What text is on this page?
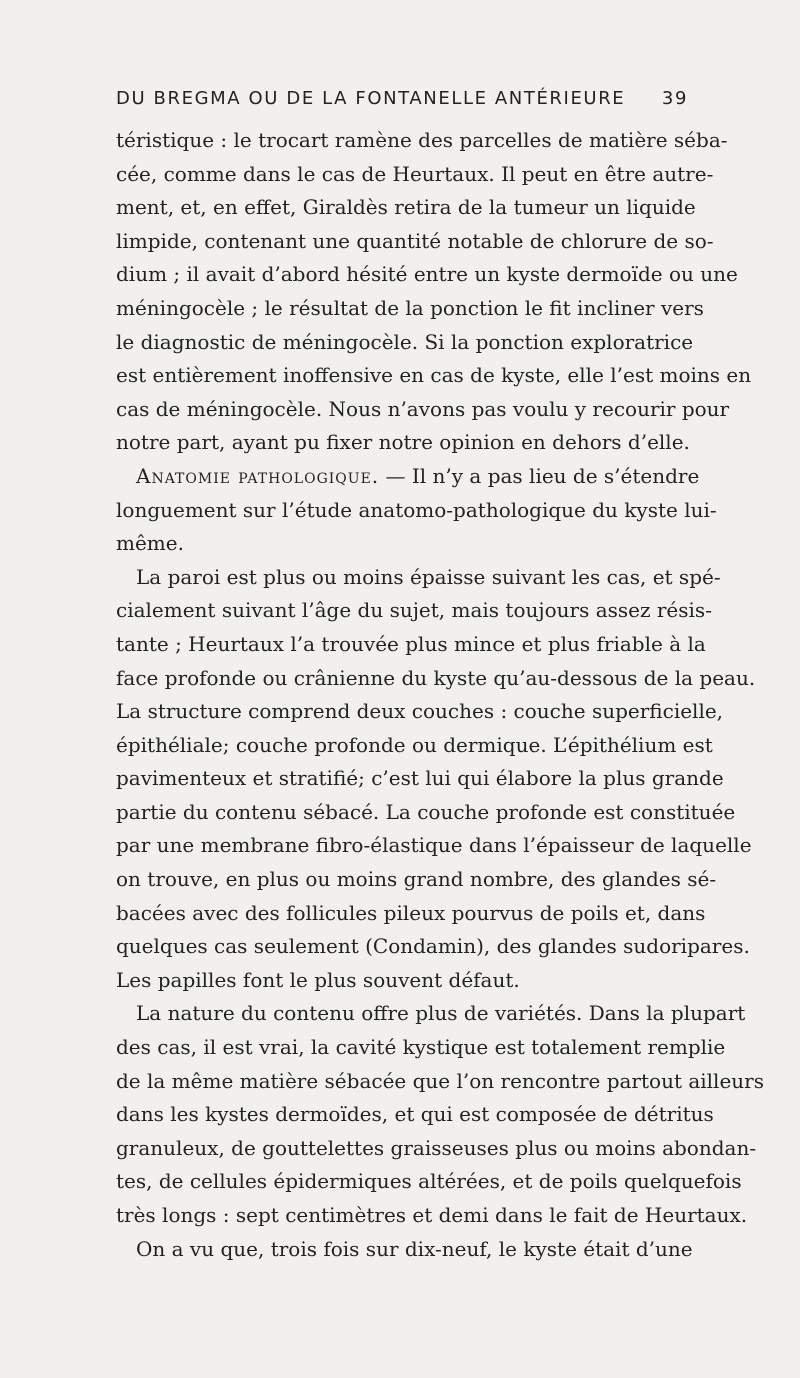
DU BREGMA OU DE LA FONTANELLE ANTÉRIEURE 39
téristique : le trocart ramène des parcelles de matière séba-
cée, comme dans le cas de Heurtaux. Il peut en être autre-
ment, et, en effet, Giraldès retira de la tumeur un liquide
limpide, contenant une quantité notable de chlorure de so-
dium ; il avait d’abord hésité entre un kyste dermoïde ou une
méningocèle ; le résultat de la ponction le fit incliner vers
le diagnostic de méningocèle. Si la ponction exploratrice
est entièrement inoffensive en cas de kyste, elle l’est moins en
cas de méningocèle. Nous n’avons pas voulu y recourir pour
notre part, ayant pu fixer notre opinion en dehors d’elle.
Anatomie pathologique. — Il n’y a pas lieu de s’étendre
longuement sur l’étude anatomo-pathologique du kyste lui-
même.
La paroi est plus ou moins épaisse suivant les cas, et spé-
cialement suivant l’âge du sujet, mais toujours assez résis-
tante ; Heurtaux l’a trouvée plus mince et plus friable à la
face profonde ou crânienne du kyste qu’au-dessous de la peau.
La structure comprend deux couches : couche superficielle,
épithéliale; couche profonde ou dermique. L’épithélium est
pavimenteux et stratifié; c’est lui qui élabore la plus grande
partie du contenu sébacé. La couche profonde est constituée
par une membrane fibro-élastique dans l’épaisseur de laquelle
on trouve, en plus ou moins grand nombre, des glandes sé-
bacées avec des follicules pileux pourvus de poils et, dans
quelques cas seulement (Condamin), des glandes sudoripares.
Les papilles font le plus souvent défaut.
La nature du contenu offre plus de variétés. Dans la plupart
des cas, il est vrai, la cavité kystique est totalement remplie
de la même matière sébacée que l’on rencontre partout ailleurs
dans les kystes dermoïdes, et qui est composée de détritus
granuleux, de gouttelettes graisseuses plus ou moins abondan-
tes, de cellules épidermiques altérées, et de poils quelquefois
très longs : sept centimètres et demi dans le fait de Heurtaux.
On a vu que, trois fois sur dix-neuf, le kyste était d’une
